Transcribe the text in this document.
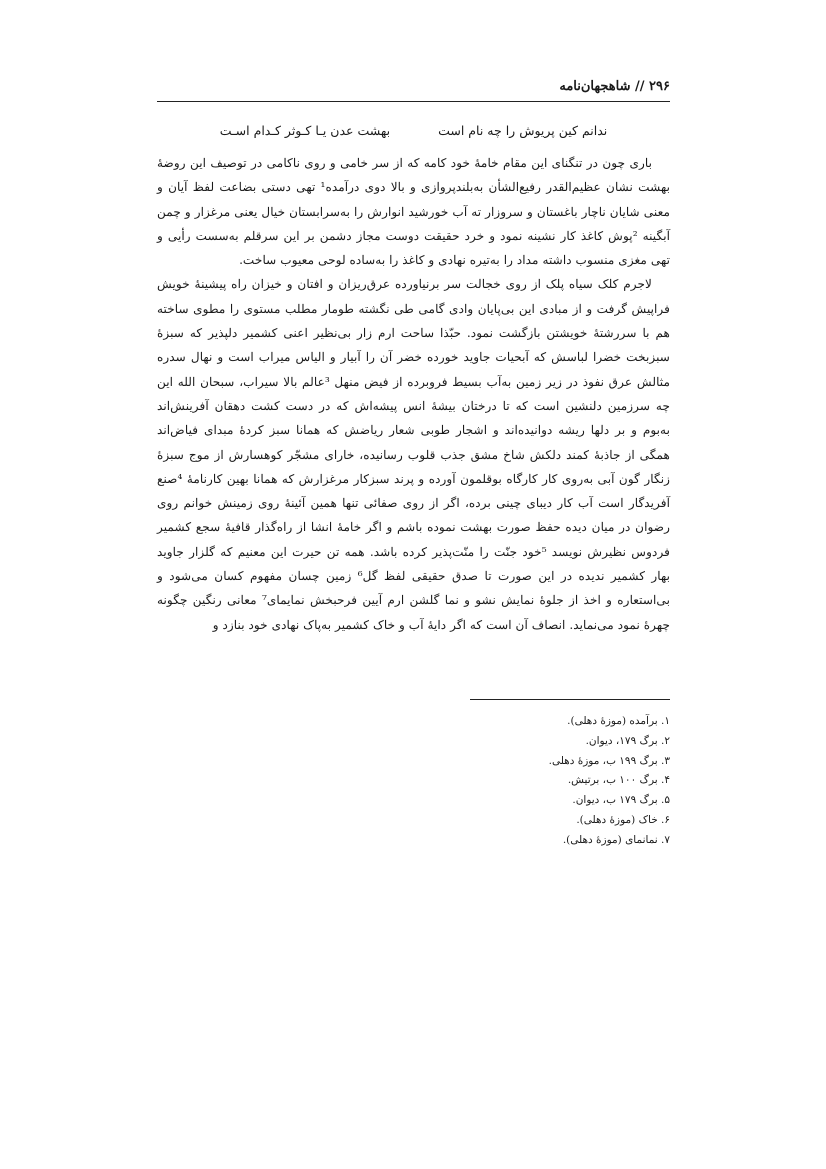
۲۹۶ // شاهجهان‌نامه
ندانم کین پریوش را چه نام است بهشت عدن یـا کـوثر کـدام اسـت

باری چون در تنگنای این مقام خامهٔ خود کامه که از سر خامی و روی ناکامی در توصیف این روضهٔ بهشت نشان عظیم‌القدر رفیع‌الشأن به‌بلندپروازی و بالا دوی درآمده¹ تهی دستی بضاعت لفظ آیان و معنی شایان ناچار باغستان و سروزار ته آب خورشید انوارش را به‌سرابستان خیال یعنی مرغزار و چمن آبگینه ²پوش کاغذ کار نشینه نمود و خرد حقیقت دوست مجاز دشمن بر این سرقلم به‌سست رأیی و تهی مغزی منسوب داشته مداد را به‌تیره نهادی و کاغذ را به‌ساده لوحی معیوب ساخت.

لاجرم کلک سیاه پلک از روی خجالت سر برنیاورده عرق‌ریزان و افتان و خیزان راه پیشینهٔ خویش فراپیش گرفت و از مبادی این بی‌پایان وادی گامی طی نگشته طومار مطلب مستوی را مطوی ساخته هم با سررشتهٔ خویشتن بازگشت نمود. حبّذا ساحت ارم زار بی‌نظیر اعنی کشمیر دلپذیر که سبزهٔ سبزبخت خضرا لباسش که آبحیات جاوید خورده خضر آن را آبیار و الیاس میراب است و نهال سدره مثالش عرق نفوذ در زیر زمین به‌آب بسیط فروبرده از فیض منهل ³عالم بالا سیراب، سبحان الله این چه سرزمین دلنشین است که تا درختان بیشهٔ انس پیشه‌اش که در دست کشت دهقان آفرینش‌اند به‌بوم و بر دلها ریشه دوانیده‌اند و اشجار طوبی شعار ریاضش که همانا سبز کردهٔ مبدای فیاض‌اند همگی از جاذبهٔ کمند دلکش شاخ مشق جذب قلوب رسانیده، خارای مشجّر کوهسارش از موج سبزهٔ زنگار گون آبی به‌روی کار کارگاه بوقلمون آورده و پرند سبزکار مرغزارش که همانا بهین کارنامهٔ ⁴صنع آفریدگار است آب کار دیبای چینی برده، اگر از روی صفائی تنها همین آئینهٔ روی زمینش خوانم روی رضوان در میان دیده حفظ صورت بهشت نموده باشم و اگر خامهٔ انشا از راه‌گذار قافیهٔ سجع کشمیر فردوس نظیرش نویسد ⁵خود جنّت را منّت‌پذیر کرده باشد. همه تن حیرت این معنیم که گلزار جاوید بهار کشمیر ندیده در این صورت تا صدق حقیقی لفظ گل⁶ زمین چسان مفهوم کسان می‌شود و بی‌استعاره و اخذ از جلوهٔ نمایش نشو و نما گلشن ارم آیین فرحبخش نمایمای⁷ معانی رنگین چگونه چهرهٔ نمود می‌نماید. انصاف آن است که اگر دایهٔ آب و خاک کشمیر به‌پاک نهادی خود بنازد و

۱. برآمده (موزهٔ دهلی).
۲. برگ ۱۷۹، دیوان.
۳. برگ ۱۹۹ ب، موزهٔ دهلی.
۴. برگ ۱۰۰ ب، برتیش.
۵. برگ ۱۷۹ ب، دیوان.
۶. خاک (موزهٔ دهلی).
۷. نمانمای (موزهٔ دهلی).
